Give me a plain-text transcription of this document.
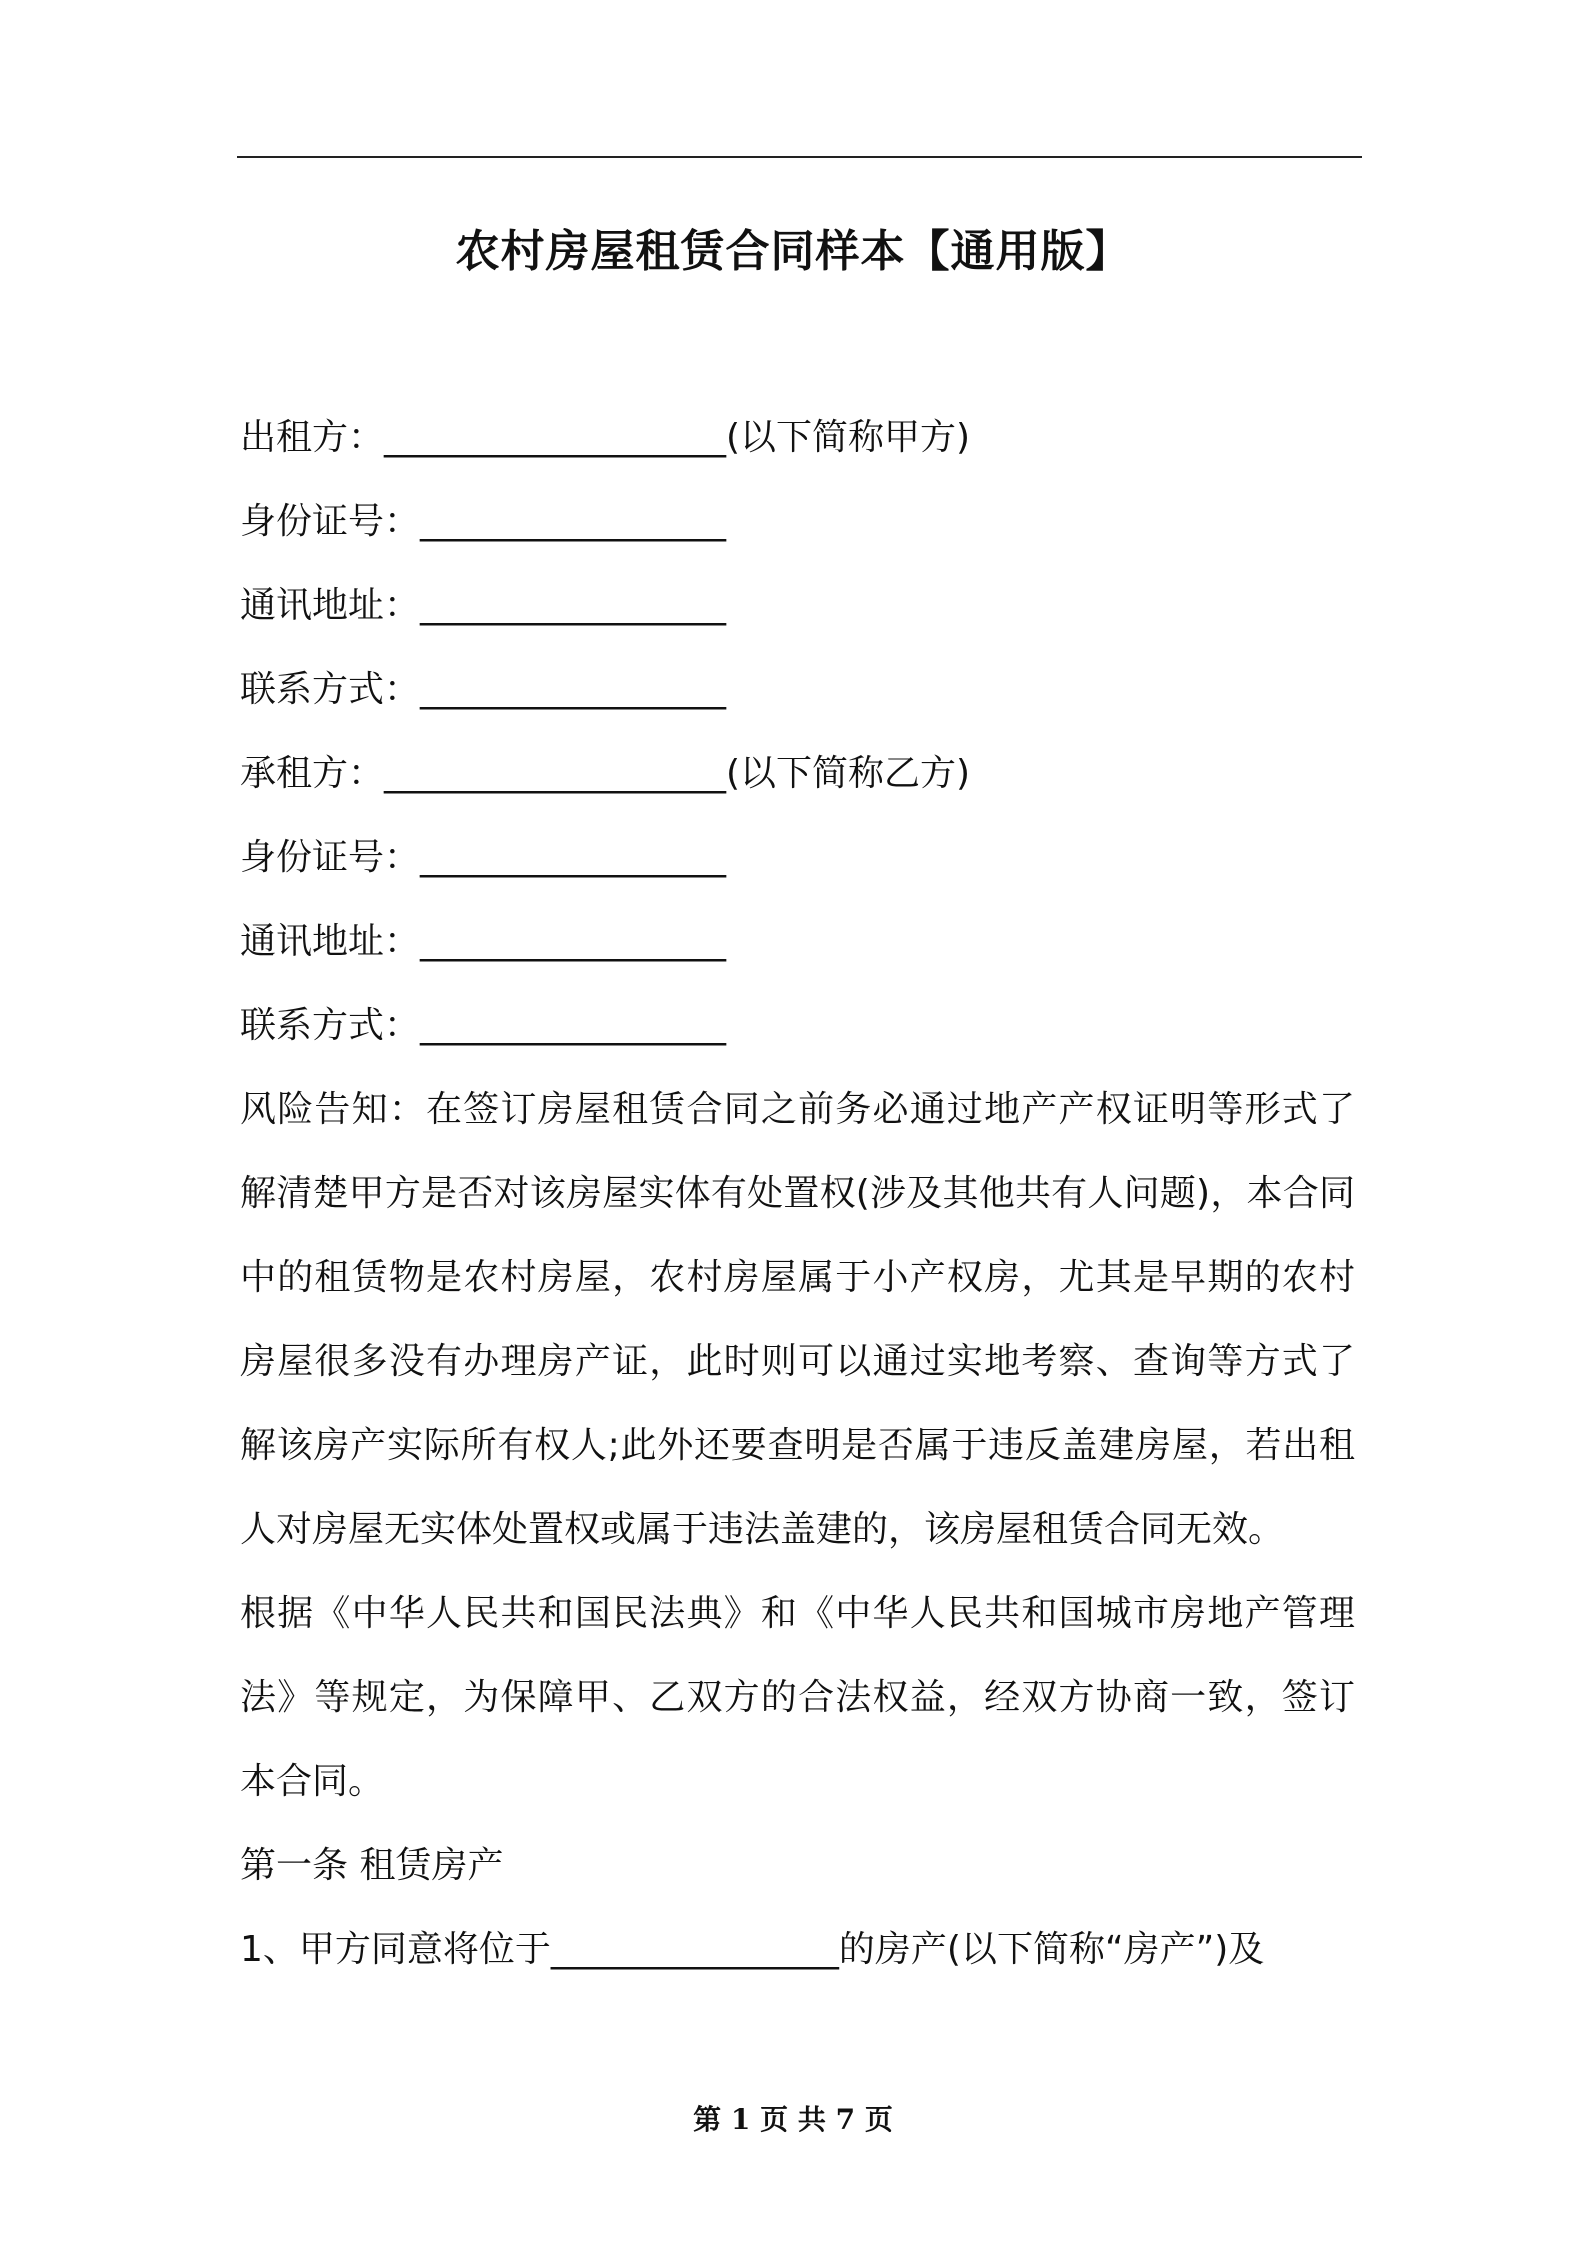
农村房屋租赁合同样本【通用版】
出租方：___________________(以下简称甲方)
身份证号：_________________
通讯地址：_________________
联系方式：_________________
承租方：___________________(以下简称乙方)
身份证号：_________________
通讯地址：_________________
联系方式：_________________
风险告知：在签订房屋租赁合同之前务必通过地产产权证明等形式了解清楚甲方是否对该房屋实体有处置权(涉及其他共有人问题)，本合同中的租赁物是农村房屋，农村房屋属于小产权房，尤其是早期的农村房屋很多没有办理房产证，此时则可以通过实地考察、查询等方式了解该房产实际所有权人;此外还要查明是否属于违反盖建房屋，若出租人对房屋无实体处置权或属于违法盖建的，该房屋租赁合同无效。
根据《中华人民共和国民法典》和《中华人民共和国城市房地产管理法》等规定，为保障甲、乙双方的合法权益，经双方协商一致，签订本合同。
第一条 租赁房产
1、甲方同意将位于________________的房产(以下简称“房产”)及
第 1 页 共 7 页
